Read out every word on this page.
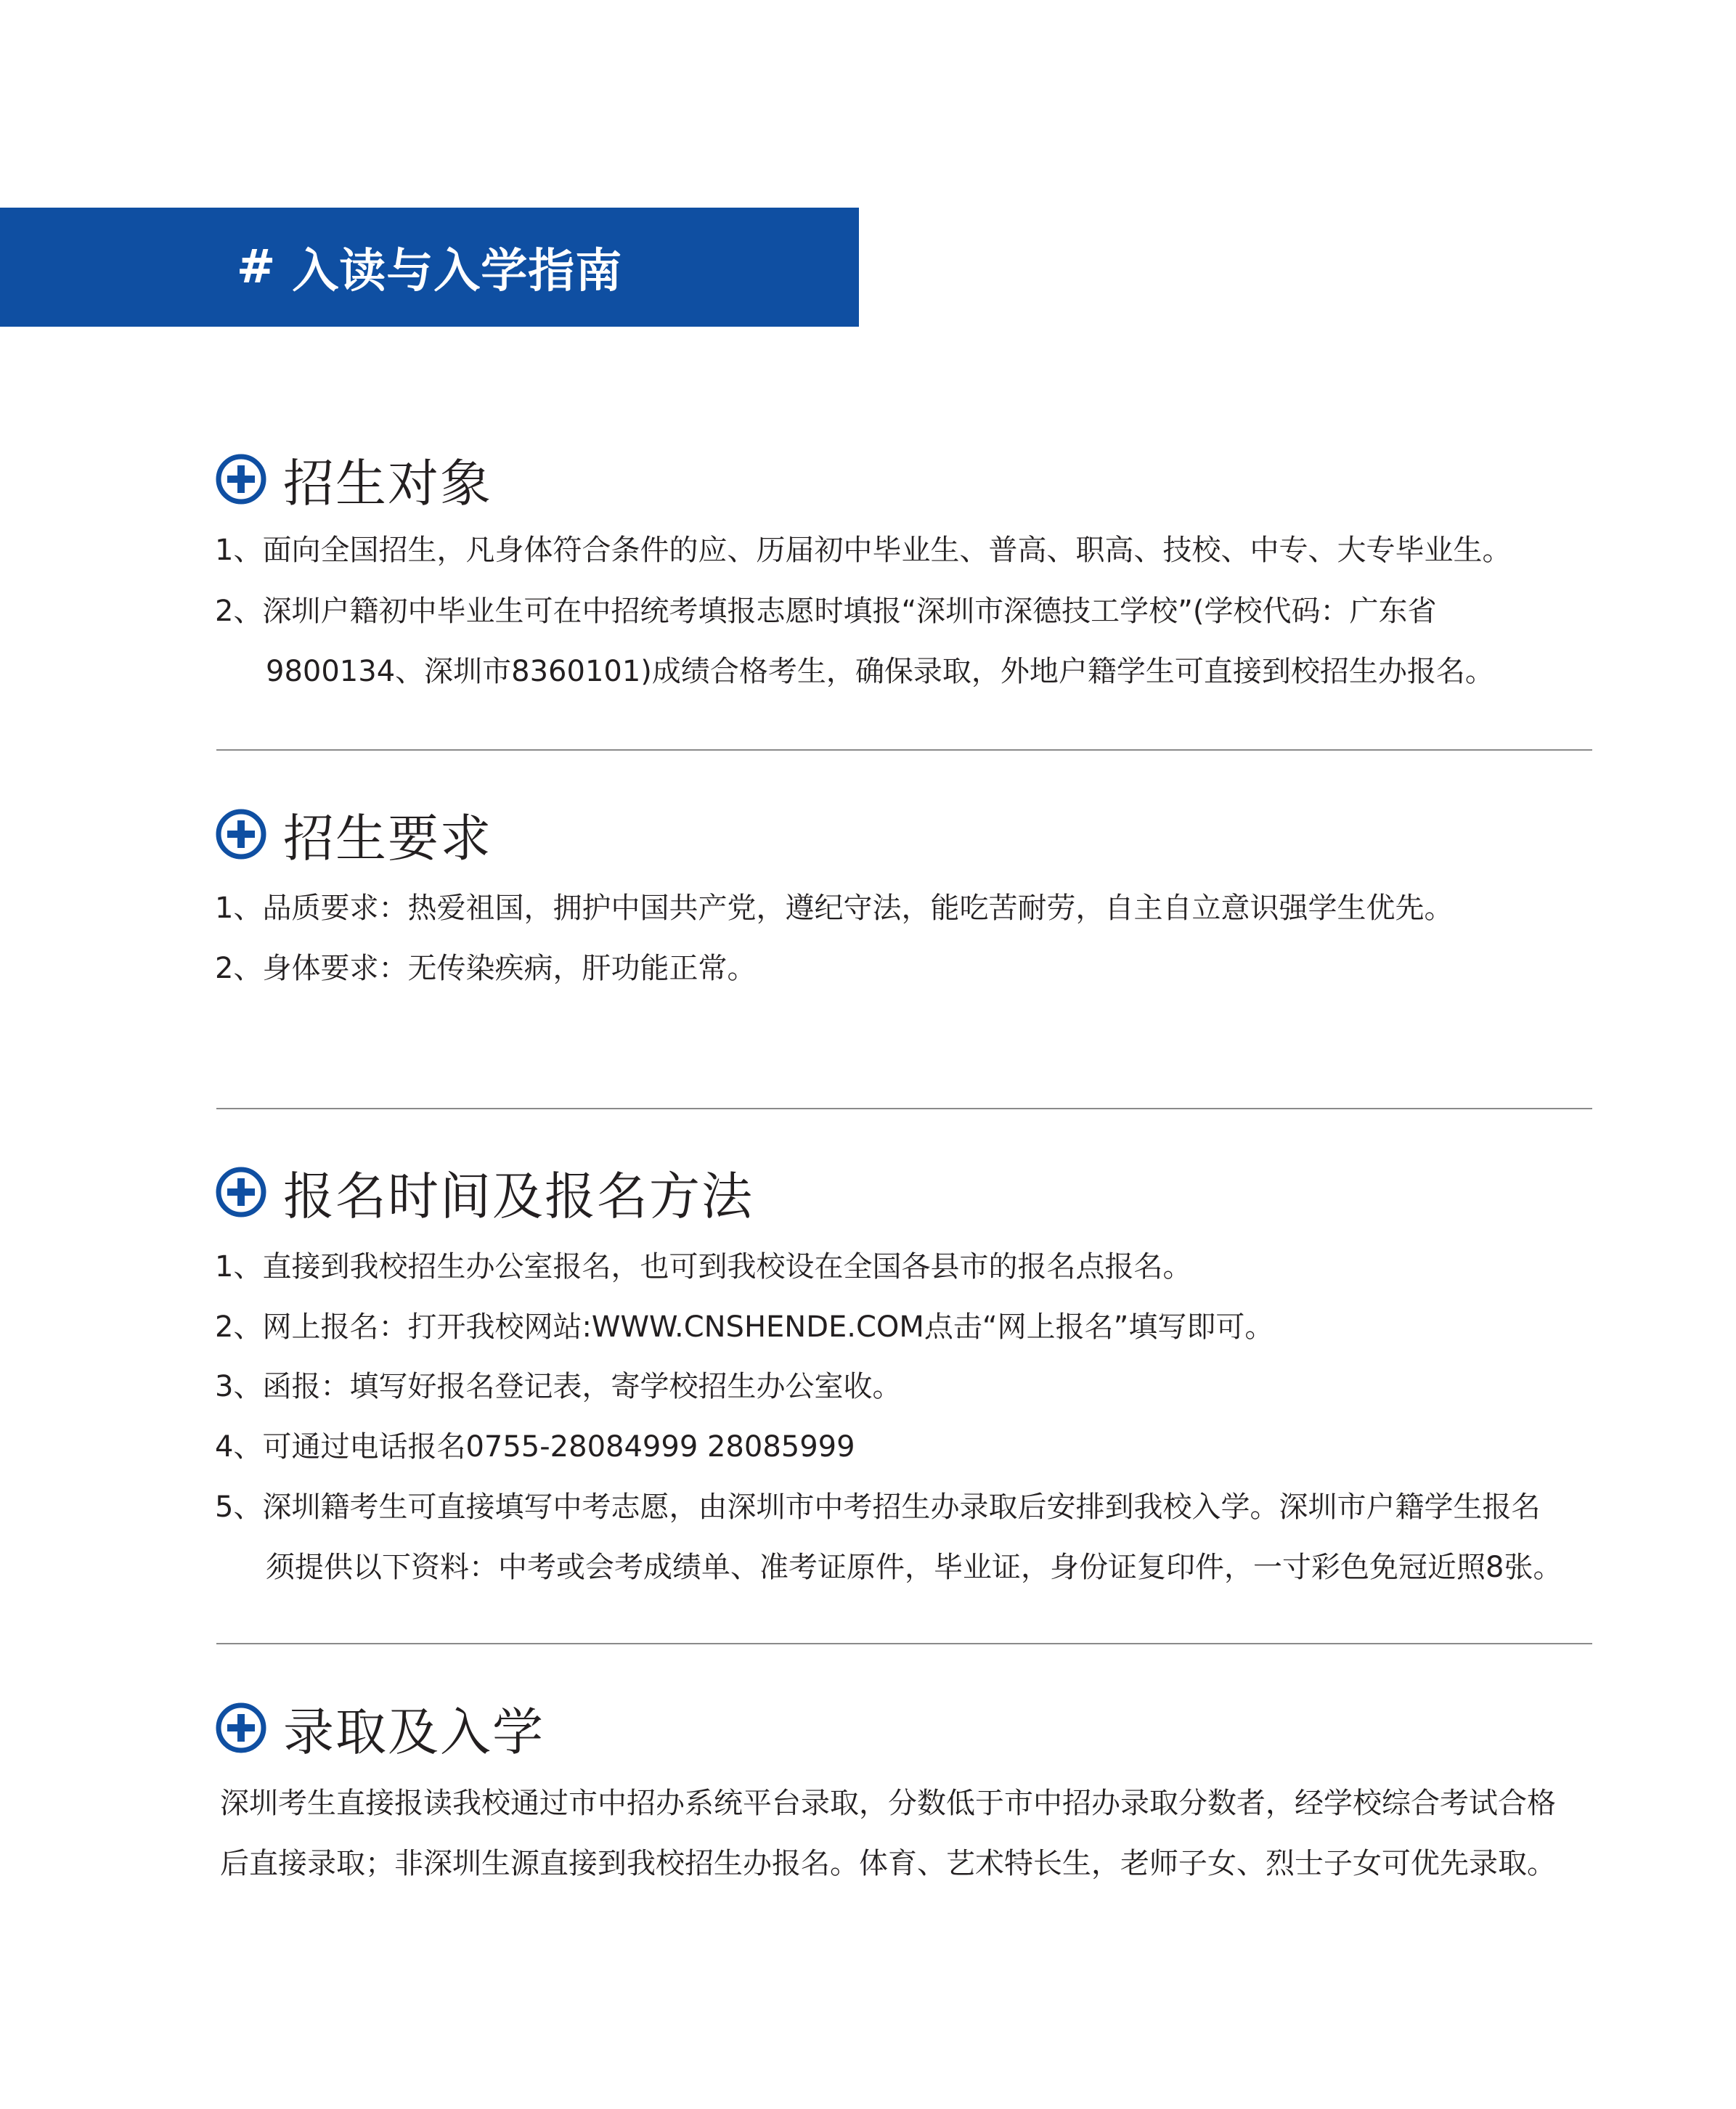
# 入读与入学指南
招生对象
1、面向全国招生，凡身体符合条件的应、历届初中毕业生、普高、职高、技校、中专、大专毕业生。
2、深圳户籍初中毕业生可在中招统考填报志愿时填报“深圳市深德技工学校”(学校代码：广东省
9800134、深圳市8360101)成绩合格考生，确保录取，外地户籍学生可直接到校招生办报名。
招生要求
1、品质要求：热爱祖国，拥护中国共产党，遵纪守法，能吃苦耐劳，自主自立意识强学生优先。
2、身体要求：无传染疾病，肝功能正常。
报名时间及报名方法
1、直接到我校招生办公室报名，也可到我校设在全国各县市的报名点报名。
2、网上报名：打开我校网站:WWW.CNSHENDE.COM点击“网上报名”填写即可。
3、函报：填写好报名登记表，寄学校招生办公室收。
4、可通过电话报名0755-28084999 28085999
5、深圳籍考生可直接填写中考志愿，由深圳市中考招生办录取后安排到我校入学。深圳市户籍学生报名
须提供以下资料：中考或会考成绩单、准考证原件，毕业证，身份证复印件，一寸彩色免冠近照8张。
录取及入学
深圳考生直接报读我校通过市中招办系统平台录取，分数低于市中招办录取分数者，经学校综合考试合格
后直接录取；非深圳生源直接到我校招生办报名。体育、艺术特长生，老师子女、烈士子女可优先录取。
